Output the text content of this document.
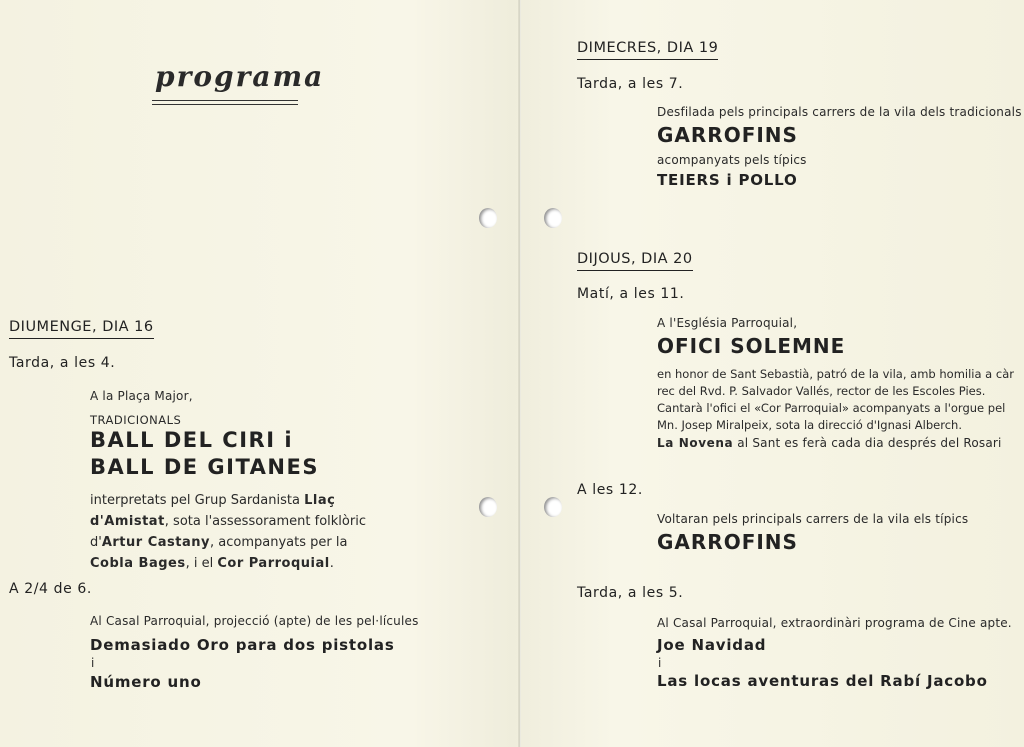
programa
DIUMENGE, DIA 16
Tarda, a les 4.
A la Plaça Major,
TRADICIONALS
BALL DEL CIRI i
BALL DE GITANES
interpretats pel Grup Sardanista Llaç d'Amistat, sota l'assessorament folklòric d'Artur Castany, acompanyats per la Cobla Bages, i el Cor Parroquial.
A 2/4 de 6.
Al Casal Parroquial, projecció (apte) de les pel·lícules
Demasiado Oro para dos pistolas
i
Número uno
DIMECRES, DIA 19
Tarda, a les 7.
Desfilada pels principals carrers de la vila dels tradicionals
GARROFINS
acompanyats pels típics
TEIERS i POLLO
DIJOUS, DIA 20
Matí, a les 11.
A l'Església Parroquial,
OFICI SOLEMNE
en honor de Sant Sebastià, patró de la vila, amb homilia a càr
rec del Rvd. P. Salvador Vallés, rector de les Escoles Pies.
Cantarà l'ofici el «Cor Parroquial» acompanyats a l'orgue pel
Mn. Josep Miralpeix, sota la direcció d'Ignasi Alberch.
La Novena al Sant es ferà cada dia després del Rosari
A les 12.
Voltaran pels principals carrers de la vila els típics
GARROFINS
Tarda, a les 5.
Al Casal Parroquial, extraordinàri programa de Cine apte.
Joe Navidad
i
Las locas aventuras del Rabí Jacobo
